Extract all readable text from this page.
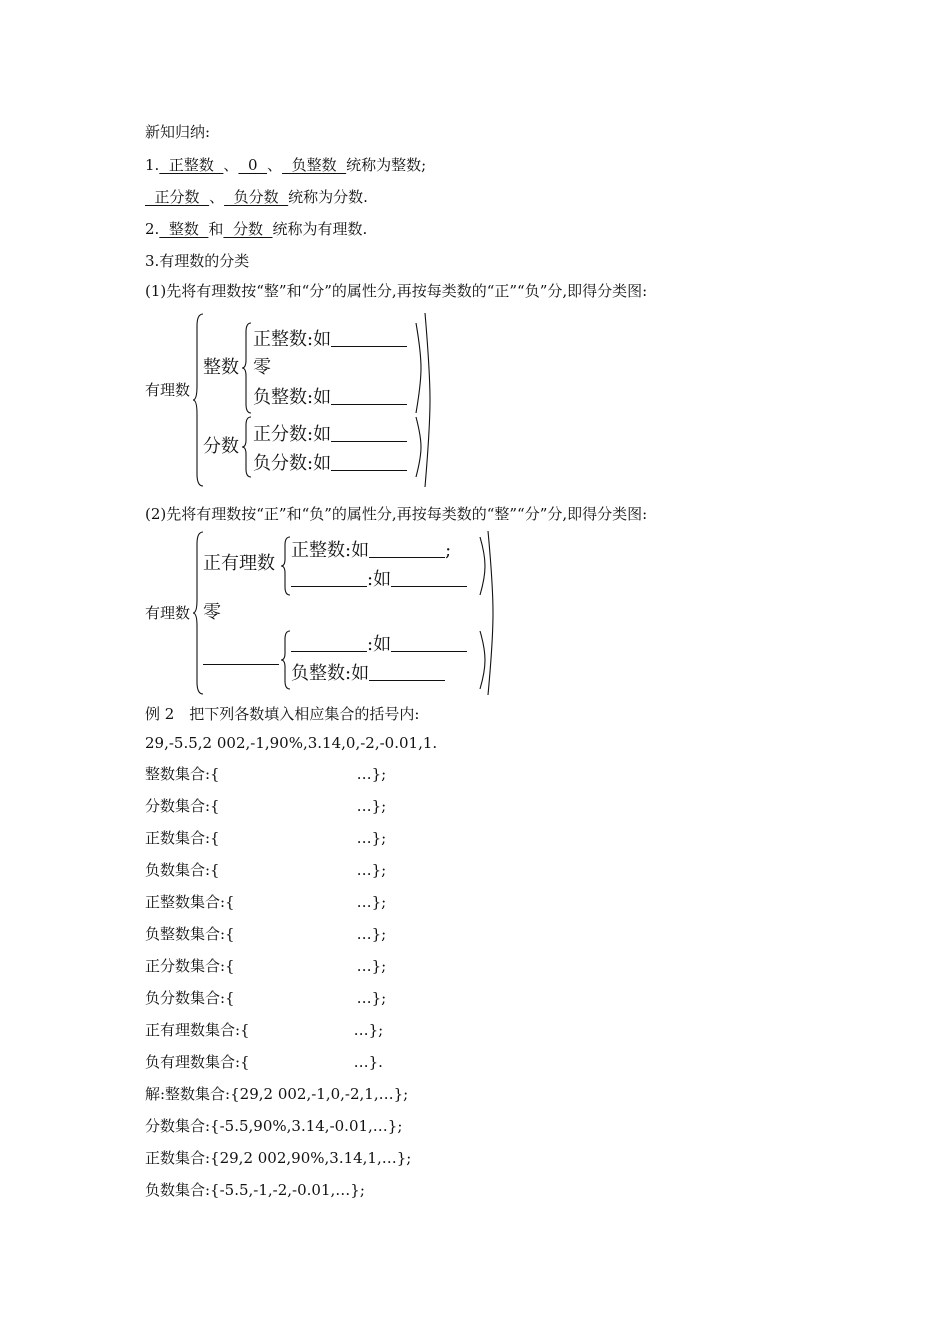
新知归纳:
1.  正整数  、  0  、  负整数  统称为整数;
正分数  、  负分数  统称为分数.
2.  整数  和  分数  统称为有理数.
3.有理数的分类
(1)先将有理数按“整”和“分”的属性分,再按每类数的“正”“负”分,即得分类图:
有理数
整数
正整数:如
零
负整数:如
分数
正分数:如
负分数:如
(2)先将有理数按“正”和“负”的属性分,再按每类数的“整”“分”分,即得分类图:
有理数
正有理数
正整数:如	;
:如
零
:如
负整数:如
例 2　把下列各数填入相应集合的括号内:
29,-5.5,2 002,-1,90%,3.14,0,-2,-0.01,1.
整数集合:{	…};
分数集合:{	…};
正数集合:{	…};
负数集合:{	…};
正整数集合:{	…};
负整数集合:{	…};
正分数集合:{	…};
负分数集合:{	…};
正有理数集合:{	…};
负有理数集合:{	…}.
解:整数集合:{29,2 002,-1,0,-2,1,…};
分数集合:{-5.5,90%,3.14,-0.01,…};
正数集合:{29,2 002,90%,3.14,1,…};
负数集合:{-5.5,-1,-2,-0.01,…};
